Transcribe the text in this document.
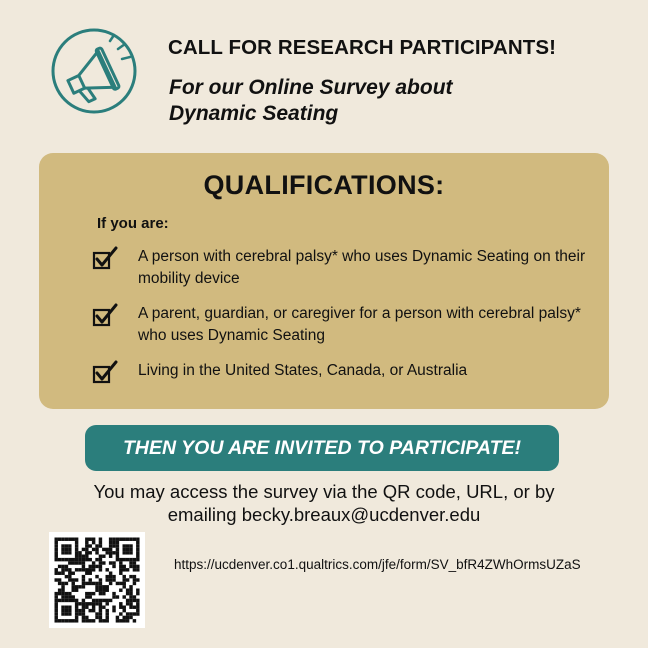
CALL FOR RESEARCH PARTICIPANTS!
For our Online Survey about
Dynamic Seating
QUALIFICATIONS:
If you are:
A person with cerebral palsy* who uses Dynamic Seating on their mobility device
A parent, guardian, or caregiver for a person with cerebral palsy* who uses Dynamic Seating
Living in the United States, Canada, or Australia
THEN YOU ARE INVITED TO PARTICIPATE!
You may access the survey via the QR code, URL, or by
emailing becky.breaux@ucdenver.edu
https://ucdenver.co1.qualtrics.com/jfe/form/SV_bfR4ZWhOrmsUZaS
